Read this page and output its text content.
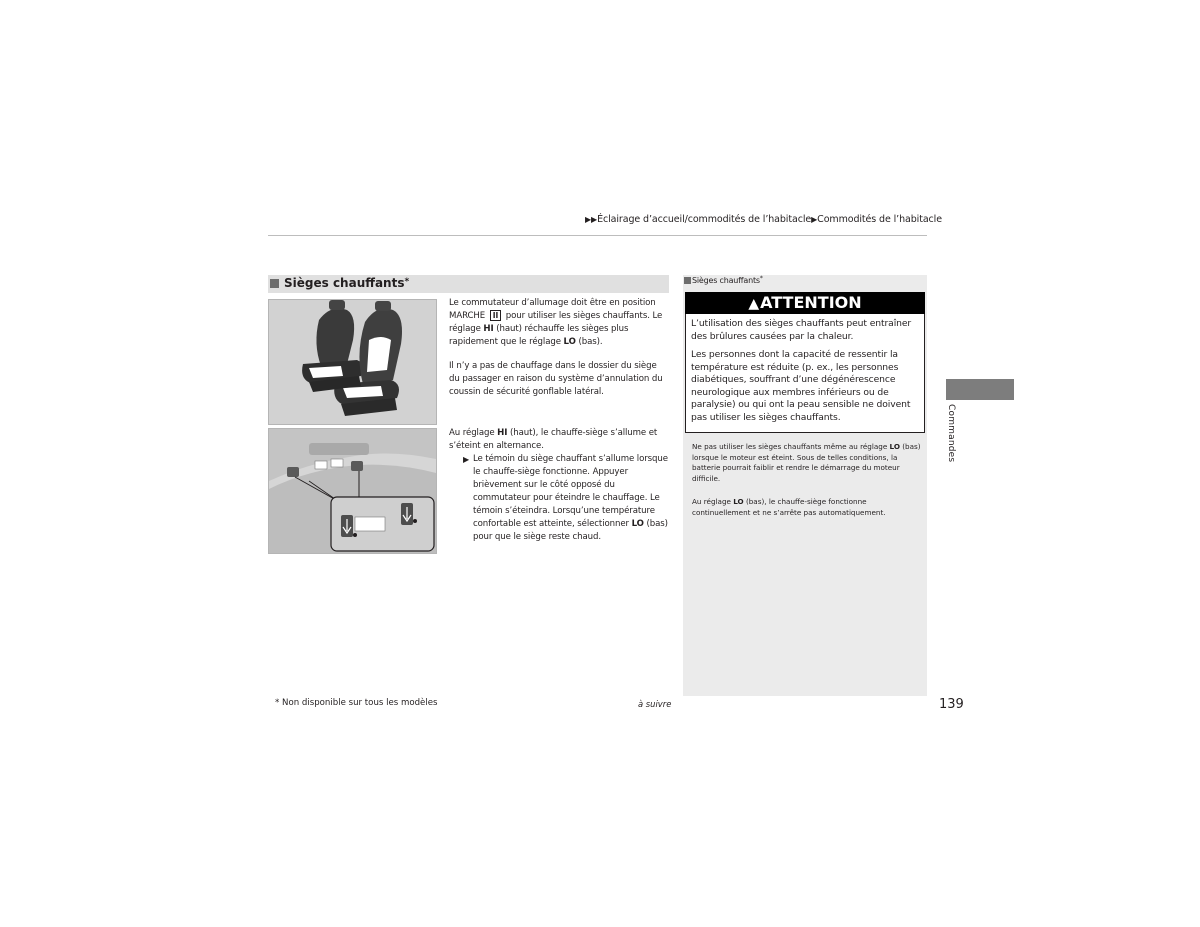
▶▶Éclairage d’accueil/commodités de l’habitacle▶Commodités de l’habitacle
Sièges chauffants*
Le commutateur d’allumage doit être en position MARCHE II pour utiliser les sièges chauffants. Le réglage HI (haut) réchauffe les sièges plus rapidement que le réglage LO (bas).
Il n’y a pas de chauffage dans le dossier du siège du passager en raison du système d’annulation du coussin de sécurité gonflable latéral.
Au réglage HI (haut), le chauffe-siège s’allume et s’éteint en alternance.
▶ Le témoin du siège chauffant s’allume lorsque le chauffe-siège fonctionne. Appuyer brièvement sur le côté opposé du commutateur pour éteindre le chauffage. Le témoin s’éteindra. Lorsqu’une température confortable est atteinte, sélectionner LO (bas) pour que le siège reste chaud.
Sièges chauffants*
▲ATTENTION
L’utilisation des sièges chauffants peut entraîner des brûlures causées par la chaleur.
Les personnes dont la capacité de ressentir la température est réduite (p. ex., les personnes diabétiques, souffrant d’une dégénérescence neurologique aux membres inférieurs ou de paralysie) ou qui ont la peau sensible ne doivent pas utiliser les sièges chauffants.
Ne pas utiliser les sièges chauffants même au réglage LO (bas) lorsque le moteur est éteint. Sous de telles conditions, la batterie pourrait faiblir et rendre le démarrage du moteur difficile.
Au réglage LO (bas), le chauffe-siège fonctionne continuellement et ne s’arrête pas automatiquement.
Commandes
* Non disponible sur tous les modèles	à suivre	139
